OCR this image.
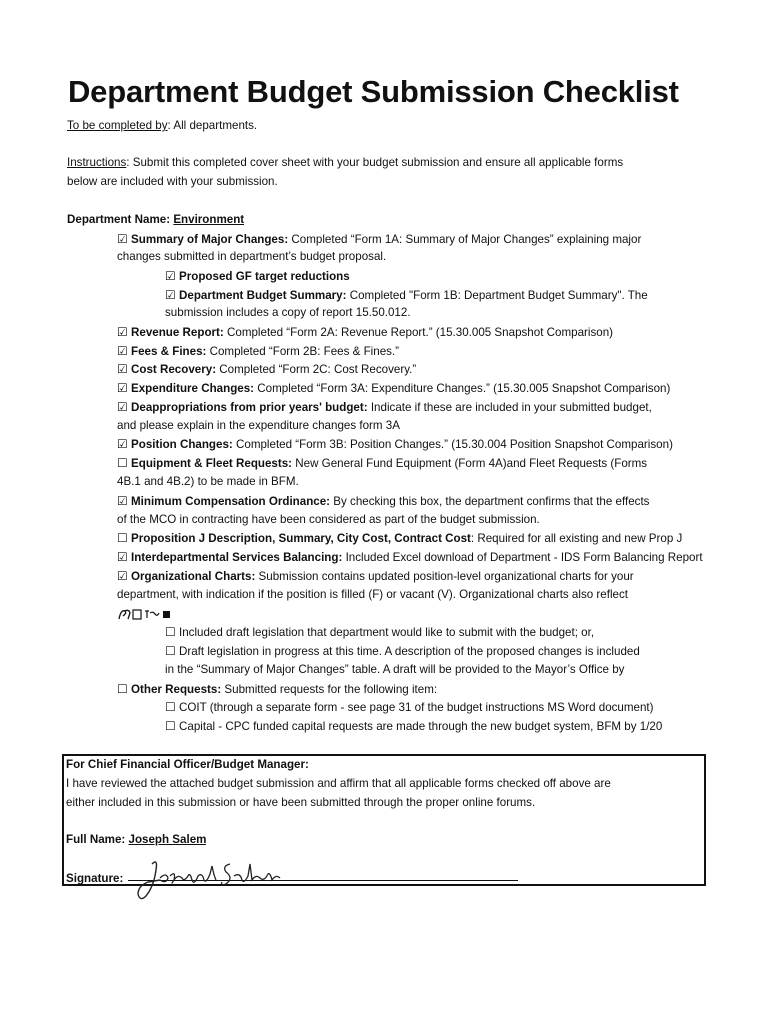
Department Budget Submission Checklist
To be completed by: All departments.
Instructions: Submit this completed cover sheet with your budget submission and ensure all applicable forms
below are included with your submission.
Department Name: Environment
☑ Summary of Major Changes: Completed “Form 1A: Summary of Major Changes” explaining major
changes submitted in department’s budget proposal.
☑ Proposed GF target reductions
☑ Department Budget Summary: Completed "Form 1B: Department Budget Summary". The
submission includes a copy of report 15.50.012.
☑ Revenue Report: Completed “Form 2A: Revenue Report.” (15.30.005 Snapshot Comparison)
☑ Fees & Fines: Completed “Form 2B: Fees & Fines.”
☑ Cost Recovery: Completed “Form 2C: Cost Recovery.”
☑ Expenditure Changes: Completed “Form 3A: Expenditure Changes.” (15.30.005 Snapshot Comparison)
☑ Deappropriations from prior years' budget: Indicate if these are included in your submitted budget,
and please explain in the expenditure changes form 3A
☑ Position Changes: Completed “Form 3B: Position Changes.” (15.30.004 Position Snapshot Comparison)
☐ Equipment & Fleet Requests: New General Fund Equipment (Form 4A)and Fleet Requests (Forms
4B.1 and 4B.2) to be made in BFM.
☑ Minimum Compensation Ordinance: By checking this box, the department confirms that the effects
of the MCO in contracting have been considered as part of the budget submission.
☐ Proposition J Description, Summary, City Cost, Contract Cost: Required for all existing and new Prop J
☑ Interdepartmental Services Balancing: Included Excel download of Department - IDS Form Balancing Report
☑ Organizational Charts: Submission contains updated position-level organizational charts for your
department, with indication if the position is filled (F) or vacant (V). Organizational charts also reflect
☐ Included draft legislation that department would like to submit with the budget; or,
☐ Draft legislation in progress at this time. A description of the proposed changes is included
in the “Summary of Major Changes” table. A draft will be provided to the Mayor’s Office by
☐ Other Requests: Submitted requests for the following item:
☐ COIT (through a separate form - see page 31 of the budget instructions MS Word document)
☐ Capital - CPC funded capital requests are made through the new budget system, BFM by 1/20
For Chief Financial Officer/Budget Manager:
I have reviewed the attached budget submission and affirm that all applicable forms checked off above are
either included in this submission or have been submitted through the proper online forums.
Full Name: Joseph Salem
Signature:
